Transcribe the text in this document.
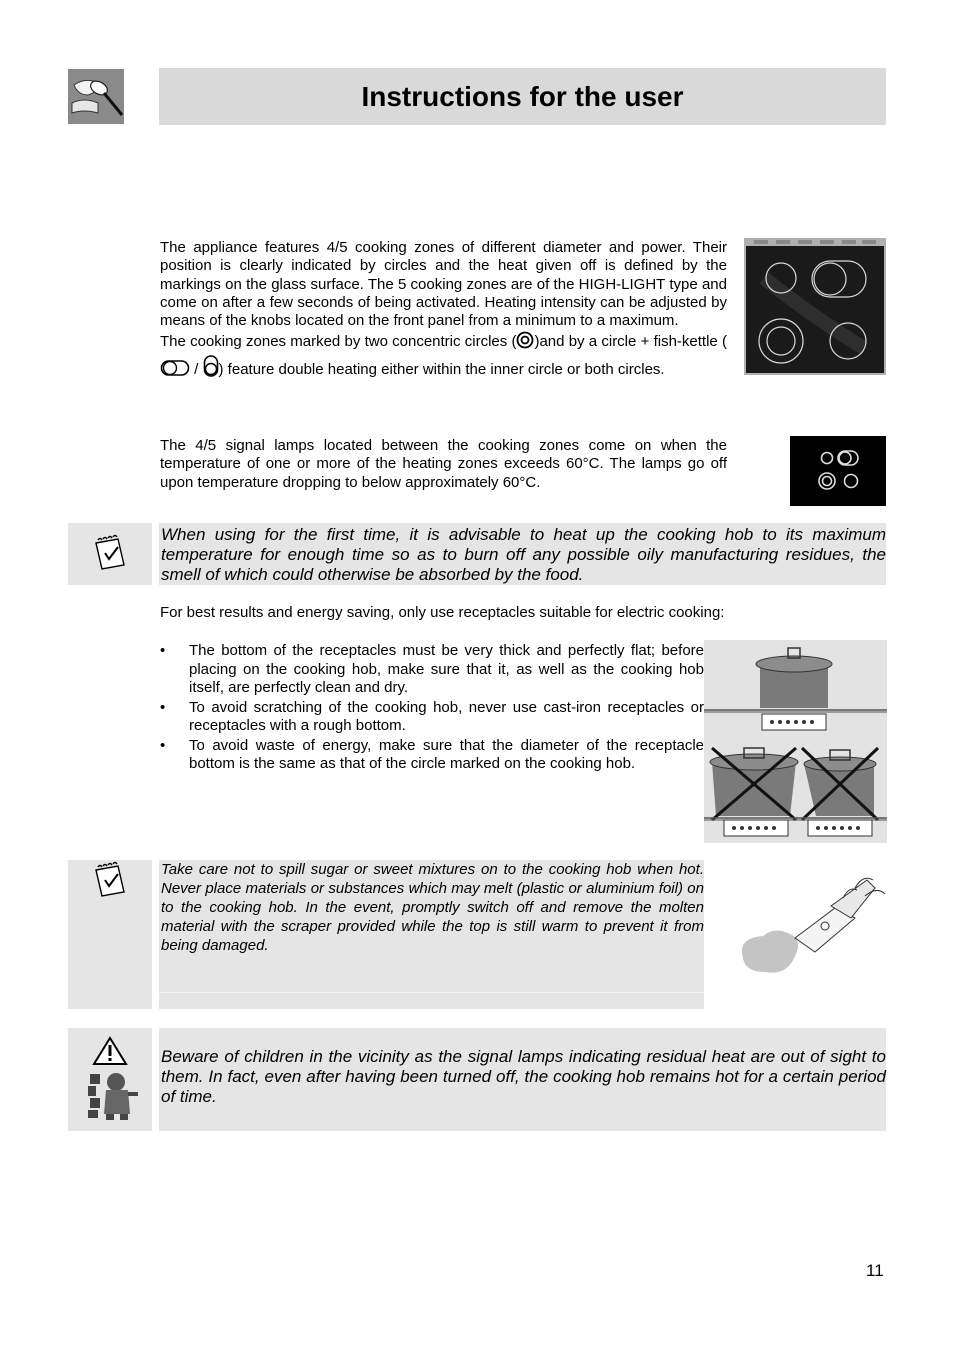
Instructions for the user

The appliance features 4/5 cooking zones of different diameter and power. Their position is clearly indicated by circles and the heat given off is defined by the markings on the glass surface. The 5 cooking zones are of the HIGH-LIGHT type and come on after a few seconds of being activated. Heating intensity can be adjusted by means of the knobs located on the front panel from a minimum to a maximum.

The cooking zones marked by two concentric circles ( )and by a circle + fish-kettle ( / ) feature double heating either within the inner circle or both circles.

The 4/5 signal lamps located between the cooking zones come on when the temperature of one or more of the heating zones exceeds 60°C. The lamps go off upon temperature dropping to below approximately 60°C.

When using for the first time, it is advisable to heat up the cooking hob to its maximum temperature for enough time so as to burn off any possible oily manufacturing residues, the smell of which could otherwise be absorbed by the food.

For best results and energy saving, only use receptacles suitable for electric cooking:

• The bottom of the receptacles must be very thick and perfectly flat; before placing on the cooking hob, make sure that it, as well as the cooking hob itself, are perfectly clean and dry.
• To avoid scratching of the cooking hob, never use cast-iron receptacles or receptacles with a rough bottom.
• To avoid waste of energy, make sure that the diameter of the receptacle bottom is the same as that of the circle marked on the cooking hob.

Take care not to spill sugar or sweet mixtures on to the cooking hob when hot. Never place materials or substances which may melt (plastic or aluminium foil) on to the cooking hob. In the event, promptly switch off and remove the molten material with the scraper provided while the top is still warm to prevent it from being damaged.

Beware of children in the vicinity as the signal lamps indicating residual heat are out of sight to them. In fact, even after having been turned off, the cooking hob remains hot for a certain period of time.

11
